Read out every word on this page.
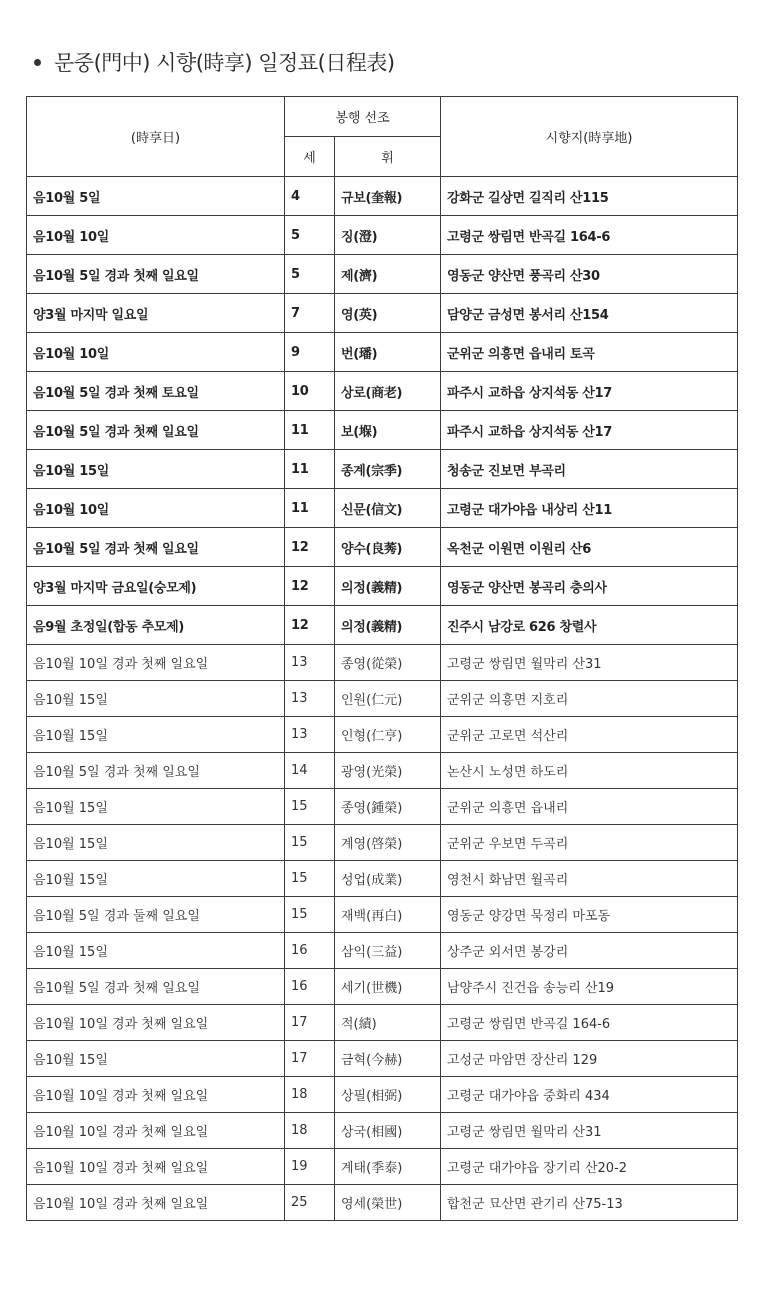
문중(門中) 시향(時享) 일정표(日程表)
(時享日)	봉행 선조		시향지(時享地)
	세	휘	
음10월 5일	4	규보(奎報)	강화군 길상면 길직리 산115
음10월 10일	5	징(澄)	고령군 쌍림면 반곡길 164-6
음10월 5일 경과 첫째 일요일	5	제(濟)	영동군 양산면 풍곡리 산30
양3월 마지막 일요일	7	영(英)	담양군 금성면 봉서리 산154
음10월 10일	9	번(璠)	군위군 의흥면 읍내리 토곡
음10월 5일 경과 첫째 토요일	10	상로(商老)	파주시 교하읍 상지석동 산17
음10월 5일 경과 첫째 일요일	11	보(堢)	파주시 교하읍 상지석동 산17
음10월 15일	11	종계(宗季)	청송군 진보면 부곡리
음10월 10일	11	신문(信文)	고령군 대가야읍 내상리 산11
음10월 5일 경과 첫째 일요일	12	양수(良莠)	옥천군 이원면 이원리 산6
양3월 마지막 금요일(숭모제)	12	의정(義精)	영동군 양산면 봉곡리 충의사
음9월 초정일(합동 추모제)	12	의정(義精)	진주시 남강로 626 창렬사
음10월 10일 경과 첫째 일요일	13	종영(從榮)	고령군 쌍림면 월막리 산31
음10월 15일	13	인원(仁元)	군위군 의흥면 지호리
음10월 15일	13	인형(仁亨)	군위군 고로면 석산리
음10월 5일 경과 첫째 일요일	14	광영(光榮)	논산시 노성면 하도리
음10월 15일	15	종영(鍾榮)	군위군 의흥면 읍내리
음10월 15일	15	계영(啓榮)	군위군 우보면 두곡리
음10월 15일	15	성업(成業)	영천시 화남면 월곡리
음10월 5일 경과 둘째 일요일	15	재백(再白)	영동군 양강면 묵정리 마포동
음10월 15일	16	삼익(三益)	상주군 외서면 봉강리
음10월 5일 경과 첫째 일요일	16	세기(世機)	남양주시 진건읍 송능리 산19
음10월 10일 경과 첫째 일요일	17	적(績)	고령군 쌍림면 반곡길 164-6
음10월 15일	17	금혁(今赫)	고성군 마암면 장산리 129
음10월 10일 경과 첫째 일요일	18	상필(相弼)	고령군 대가야읍 중화리 434
음10월 10일 경과 첫째 일요일	18	상국(相國)	고령군 쌍림면 월막리 산31
음10월 10일 경과 첫째 일요일	19	계태(季泰)	고령군 대가야읍 장기리 산20-2
음10월 10일 경과 첫째 일요일	25	영세(榮世)	합천군 묘산면 관기리 산75-13
